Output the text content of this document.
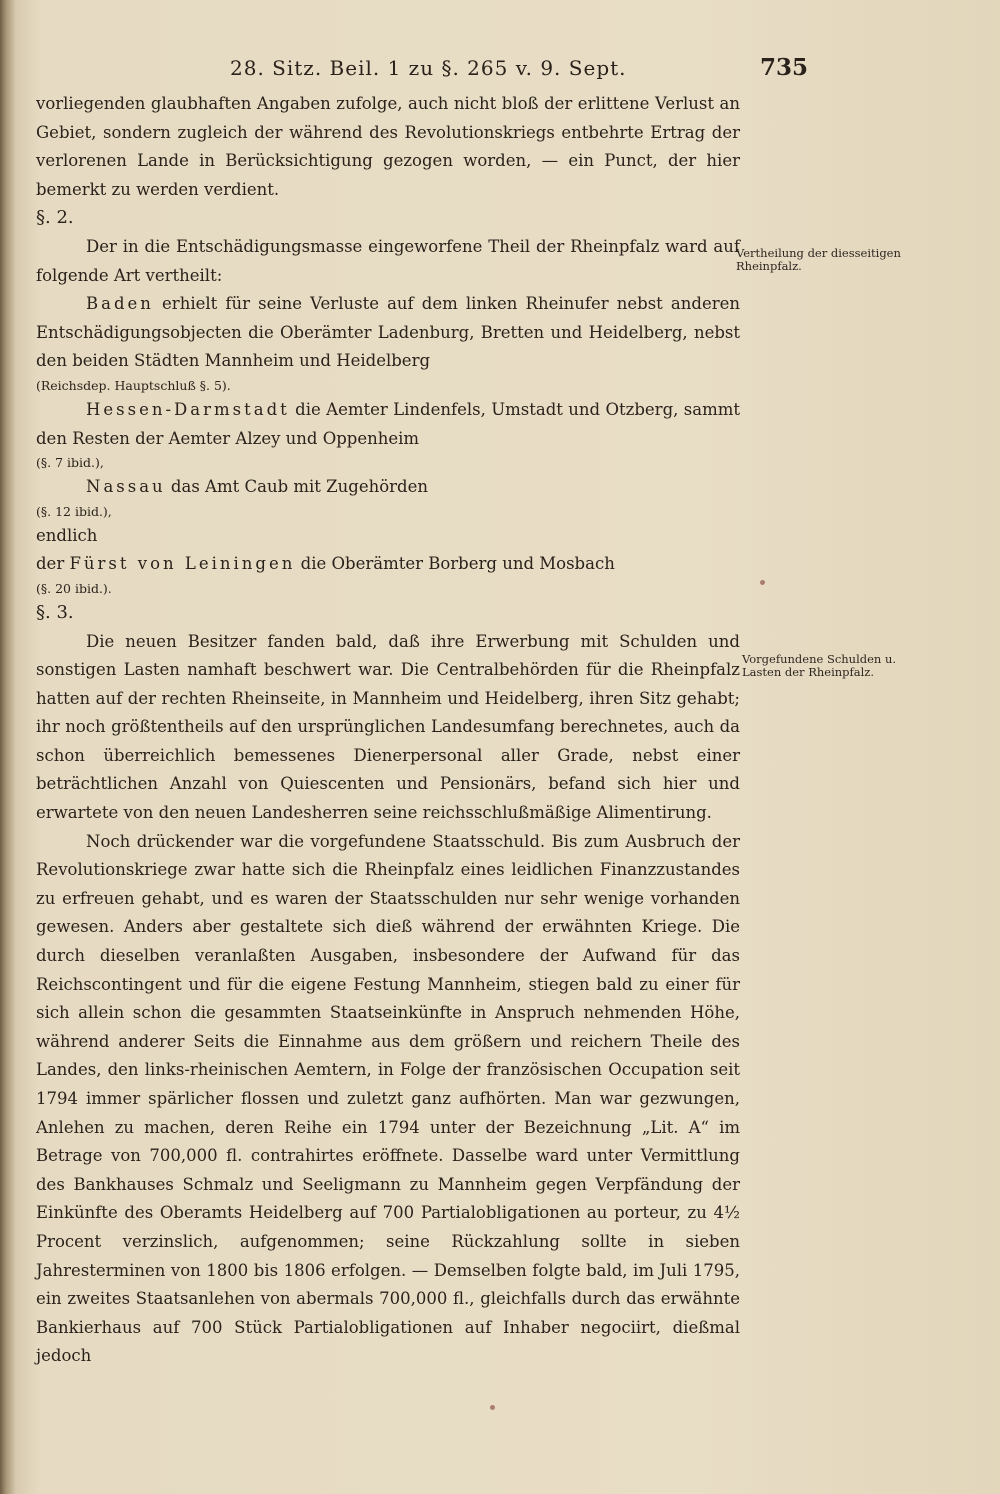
28. Sitz. Beil. 1 zu §. 265 v. 9. Sept.	735

vorliegenden glaubhaften Angaben zufolge, auch nicht bloß der erlittene Verlust an Gebiet, sondern zugleich der während des Revolutionskriegs entbehrte Ertrag der verlorenen Lande in Berücksichtigung gezogen worden, — ein Punct, der hier bemerkt zu werden verdient.

§. 2.

Der in die Entschädigungsmasse eingeworfene Theil der Rheinpfalz ward auf folgende Art vertheilt:

Baden erhielt für seine Verluste auf dem linken Rheinufer nebst anderen Entschädigungsobjecten die Oberämter Ladenburg, Bretten und Heidelberg, nebst den beiden Städten Mannheim und Heidelberg

(Reichsdep. Hauptschluß §. 5).

Hessen-Darmstadt die Aemter Lindenfels, Umstadt und Otzberg, sammt den Resten der Aemter Alzey und Oppenheim

(§. 7 ibid.),

Nassau das Amt Caub mit Zugehörden

(§. 12 ibid.),

endlich

der Fürst von Leiningen die Oberämter Borberg und Mosbach

(§. 20 ibid.).

§. 3.

Die neuen Besitzer fanden bald, daß ihre Erwerbung mit Schulden und sonstigen Lasten namhaft beschwert war. Die Centralbehörden für die Rheinpfalz hatten auf der rechten Rheinseite, in Mannheim und Heidelberg, ihren Sitz gehabt; ihr noch größtentheils auf den ursprünglichen Landesumfang berechnetes, auch da schon überreichlich bemessenes Dienerpersonal aller Grade, nebst einer beträchtlichen Anzahl von Quiescenten und Pensionärs, befand sich hier und erwartete von den neuen Landesherren seine reichsschlußmäßige Alimentirung.

Noch drückender war die vorgefundene Staatsschuld. Bis zum Ausbruch der Revolutionskriege zwar hatte sich die Rheinpfalz eines leidlichen Finanzzustandes zu erfreuen gehabt, und es waren der Staatsschulden nur sehr wenige vorhanden gewesen. Anders aber gestaltete sich dieß während der erwähnten Kriege. Die durch dieselben veranlaßten Ausgaben, insbesondere der Aufwand für das Reichscontingent und für die eigene Festung Mannheim, stiegen bald zu einer für sich allein schon die gesammten Staatseinkünfte in Anspruch nehmenden Höhe, während anderer Seits die Einnahme aus dem größern und reichern Theile des Landes, den links-rheinischen Aemtern, in Folge der französischen Occupation seit 1794 immer spärlicher flossen und zuletzt ganz aufhörten. Man war gezwungen, Anlehen zu machen, deren Reihe ein 1794 unter der Bezeichnung „Lit. A“ im Betrage von 700,000 fl. contrahirtes eröffnete. Dasselbe ward unter Vermittlung des Bankhauses Schmalz und Seeligmann zu Mannheim gegen Verpfändung der Einkünfte des Oberamts Heidelberg auf 700 Partialobligationen au porteur, zu 4½ Procent verzinslich, aufgenommen; seine Rückzahlung sollte in sieben Jahresterminen von 1800 bis 1806 erfolgen. — Demselben folgte bald, im Juli 1795, ein zweites Staatsanlehen von abermals 700,000 fl., gleichfalls durch das erwähnte Bankierhaus auf 700 Stück Partialobligationen auf Inhaber negociirt, dießmal jedoch

Vertheilung der diesseitigen Rheinpfalz.
Vorgefundene Schulden u. Lasten der Rheinpfalz.
